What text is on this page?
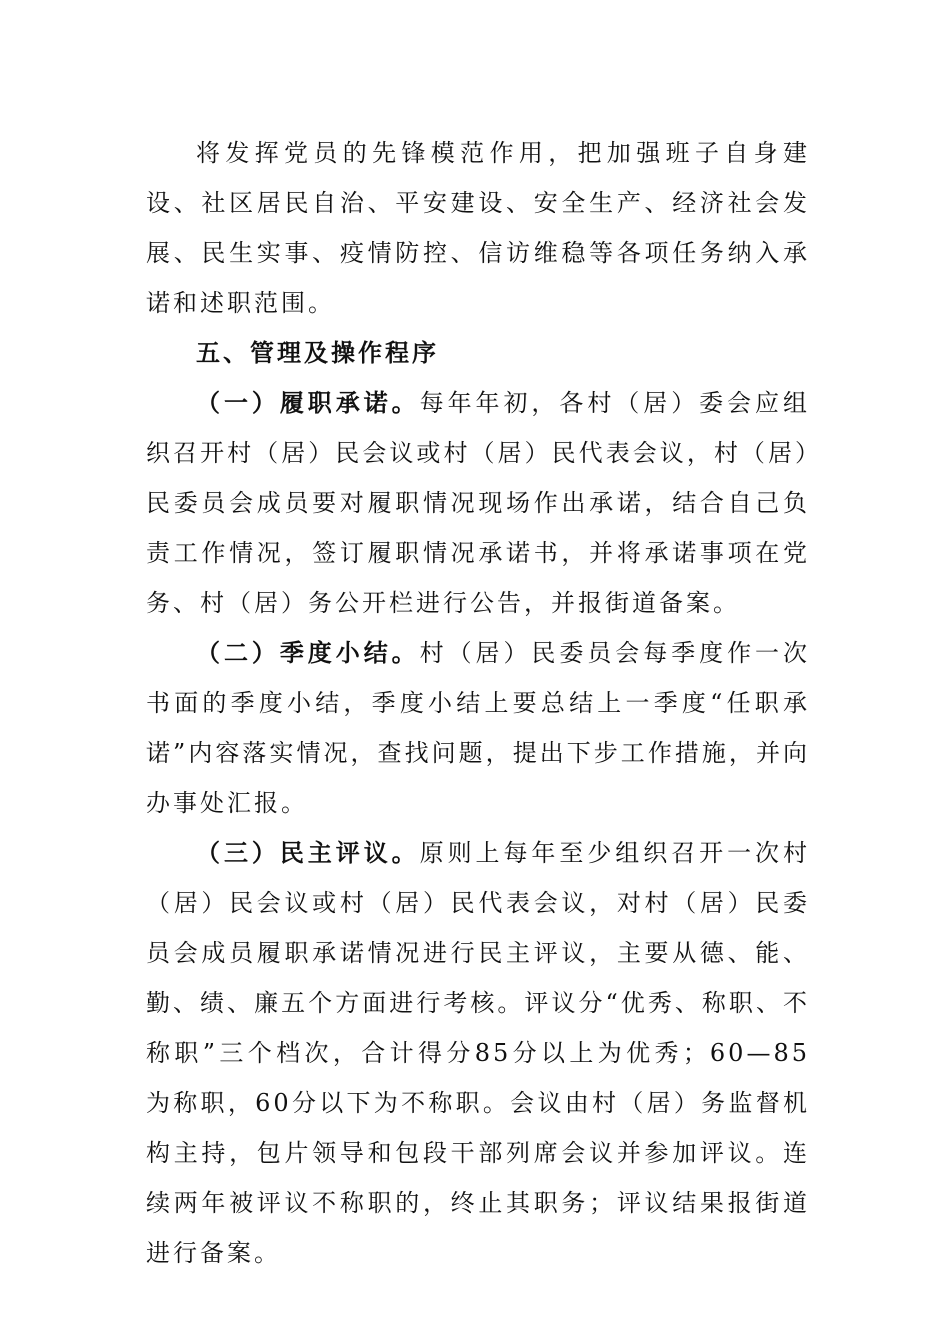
将发挥党员的先锋模范作用，把加强班子自身建设、社区居民自治、平安建设、安全生产、经济社会发展、民生实事、疫情防控、信访维稳等各项任务纳入承诺和述职范围。

五、管理及操作程序

（一）履职承诺。每年年初，各村（居）委会应组织召开村（居）民会议或村（居）民代表会议，村（居）民委员会成员要对履职情况现场作出承诺，结合自己负责工作情况，签订履职情况承诺书，并将承诺事项在党务、村（居）务公开栏进行公告，并报街道备案。

（二）季度小结。村（居）民委员会每季度作一次书面的季度小结，季度小结上要总结上一季度“任职承诺”内容落实情况，查找问题，提出下步工作措施，并向办事处汇报。

（三）民主评议。原则上每年至少组织召开一次村（居）民会议或村（居）民代表会议，对村（居）民委员会成员履职承诺情况进行民主评议，主要从德、能、勤、绩、廉五个方面进行考核。评议分“优秀、称职、不称职”三个档次，合计得分85分以上为优秀；60—85为称职，60分以下为不称职。会议由村（居）务监督机构主持，包片领导和包段干部列席会议并参加评议。连续两年被评议不称职的，终止其职务；评议结果报街道进行备案。
